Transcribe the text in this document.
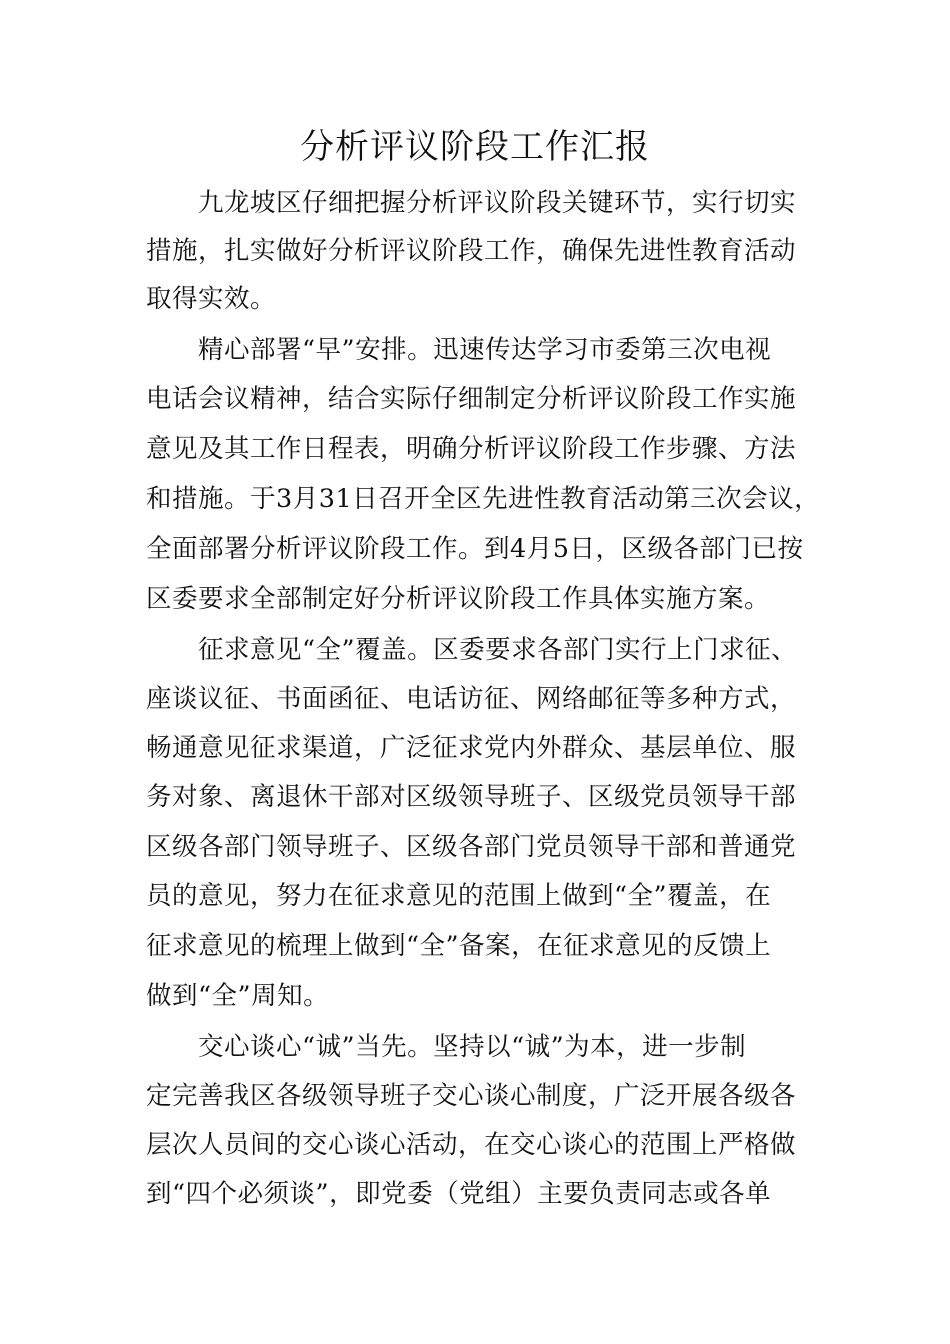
分析评议阶段工作汇报
九龙坡区仔细把握分析评议阶段关键环节，实行切实
措施，扎实做好分析评议阶段工作，确保先进性教育活动
取得实效。
精心部署“早”安排。迅速传达学习市委第三次电视
电话会议精神，结合实际仔细制定分析评议阶段工作实施
意见及其工作日程表，明确分析评议阶段工作步骤、方法
和措施。于3月31日召开全区先进性教育活动第三次会议，
全面部署分析评议阶段工作。到4月5日，区级各部门已按
区委要求全部制定好分析评议阶段工作具体实施方案。
征求意见“全”覆盖。区委要求各部门实行上门求征、
座谈议征、书面函征、电话访征、网络邮征等多种方式，
畅通意见征求渠道，广泛征求党内外群众、基层单位、服
务对象、离退休干部对区级领导班子、区级党员领导干部
区级各部门领导班子、区级各部门党员领导干部和普通党
员的意见，努力在征求意见的范围上做到“全”覆盖，在
征求意见的梳理上做到“全”备案，在征求意见的反馈上
做到“全”周知。
交心谈心“诚”当先。坚持以“诚”为本，进一步制
定完善我区各级领导班子交心谈心制度，广泛开展各级各
层次人员间的交心谈心活动，在交心谈心的范围上严格做
到“四个必须谈”，即党委（党组）主要负责同志或各单
